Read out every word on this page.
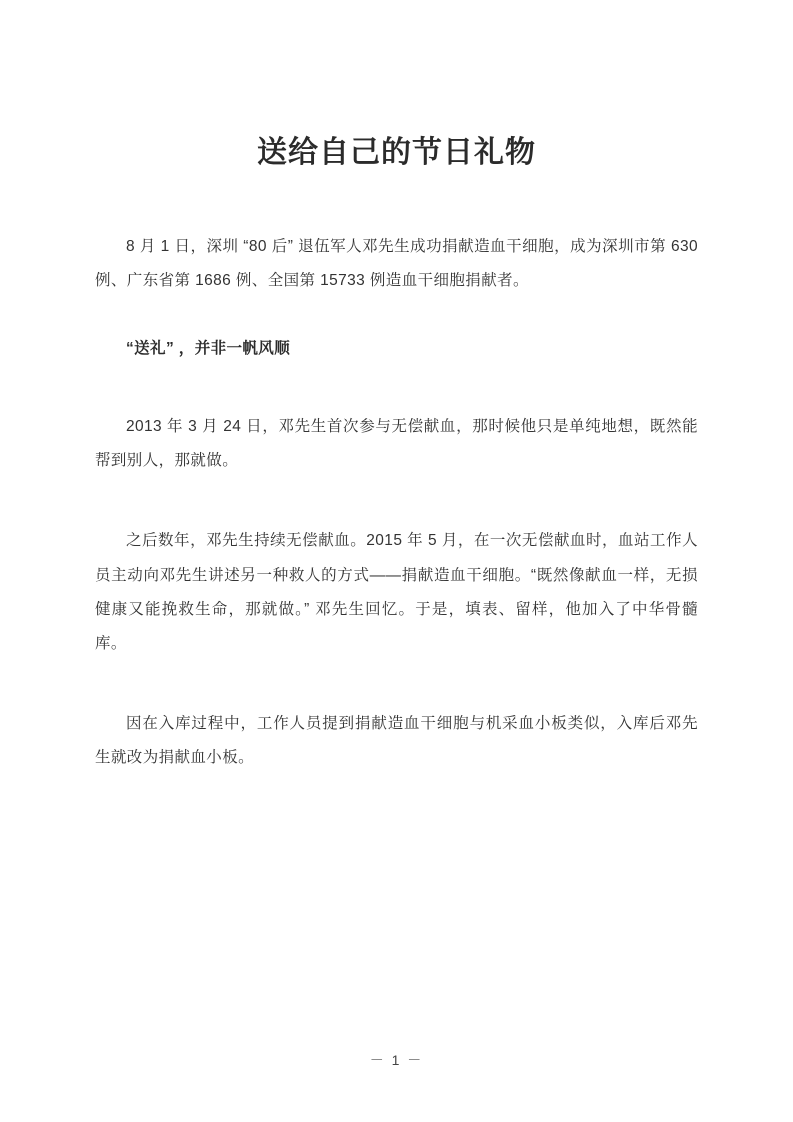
送给自己的节日礼物

8 月 1 日，深圳 “80 后” 退伍军人邓先生成功捐献造血干细胞，成为深圳市第 630 例、广东省第 1686 例、全国第 15733 例造血干细胞捐献者。

“送礼” ，并非一帆风顺

2013 年 3 月 24 日，邓先生首次参与无偿献血，那时候他只是单纯地想，既然能帮到别人，那就做。

之后数年，邓先生持续无偿献血。2015 年 5 月，在一次无偿献血时，血站工作人员主动向邓先生讲述另一种救人的方式——捐献造血干细胞。“既然像献血一样，无损健康又能挽救生命，那就做。” 邓先生回忆。于是，填表、留样，他加入了中华骨髓库。

因在入库过程中，工作人员提到捐献造血干细胞与机采血小板类似，入库后邓先生就改为捐献血小板。

－ 1 －
